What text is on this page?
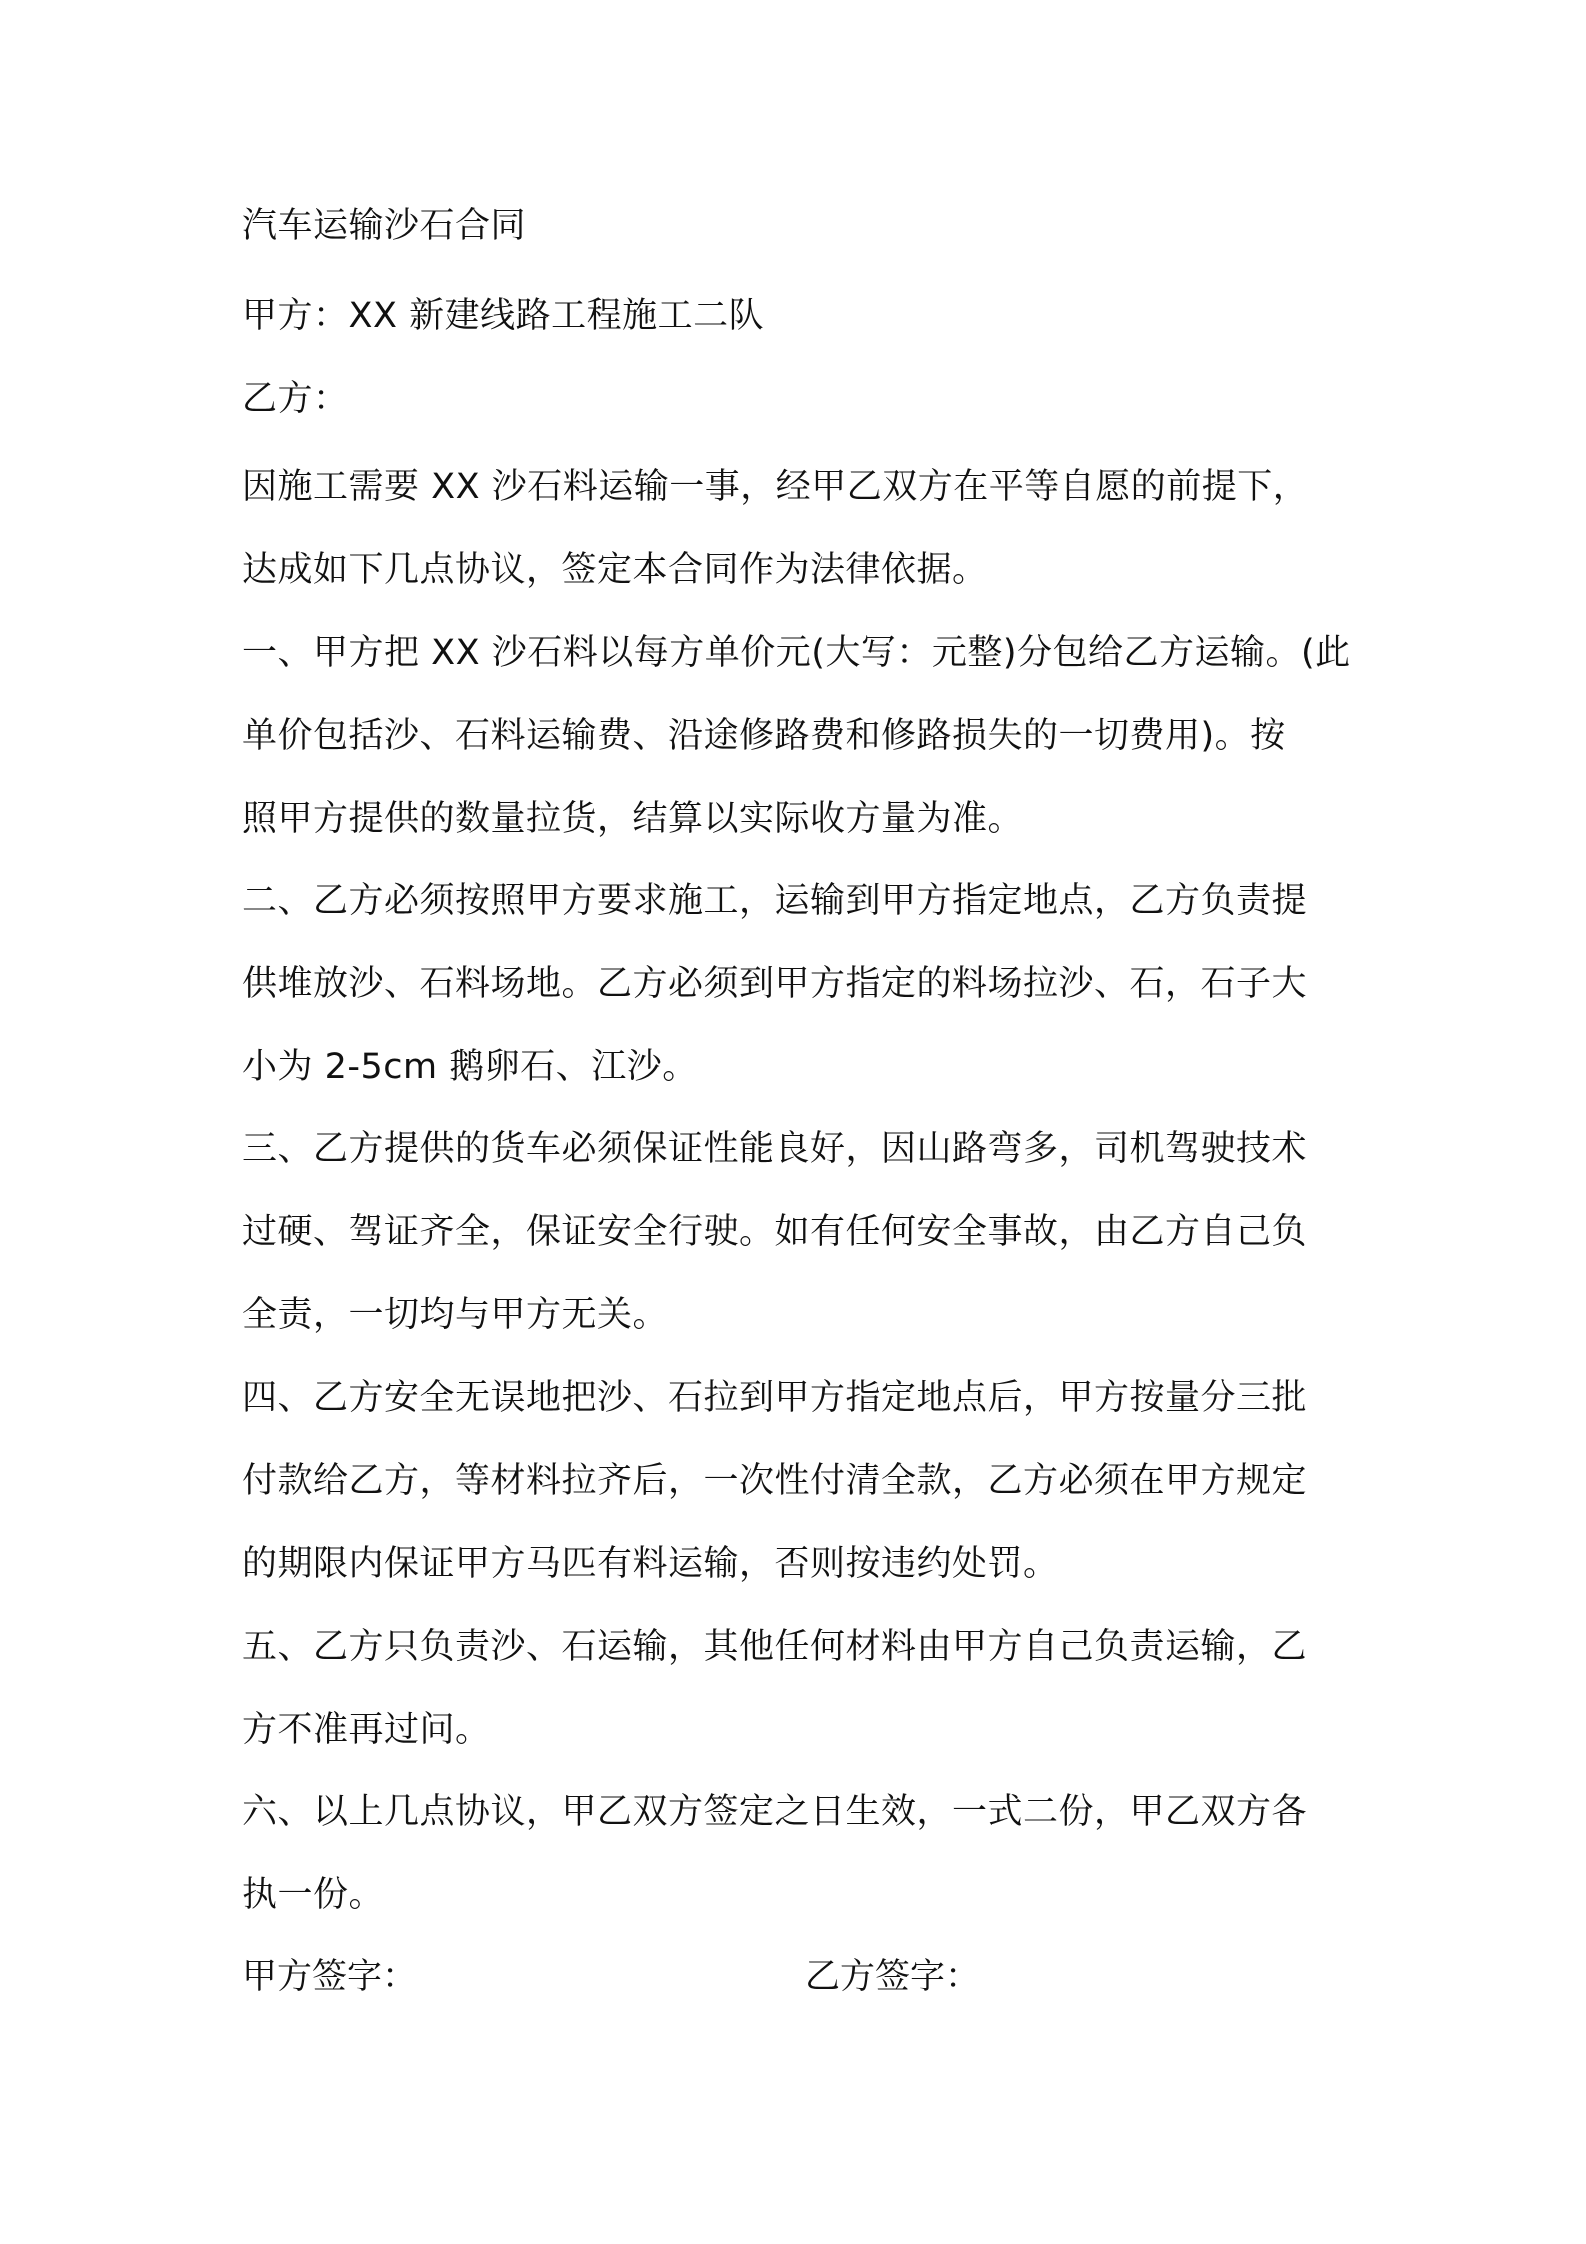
汽车运输沙石合同
甲方：XX 新建线路工程施工二队
乙方：
因施工需要 XX 沙石料运输一事，经甲乙双方在平等自愿的前提下，
达成如下几点协议，签定本合同作为法律依据。
一、甲方把 XX 沙石料以每方单价元(大写：元整)分包给乙方运输。(此
单价包括沙、石料运输费、沿途修路费和修路损失的一切费用)。按
照甲方提供的数量拉货，结算以实际收方量为准。
二、乙方必须按照甲方要求施工，运输到甲方指定地点，乙方负责提
供堆放沙、石料场地。乙方必须到甲方指定的料场拉沙、石，石子大
小为 2-5cm 鹅卵石、江沙。
三、乙方提供的货车必须保证性能良好，因山路弯多，司机驾驶技术
过硬、驾证齐全，保证安全行驶。如有任何安全事故，由乙方自己负
全责，一切均与甲方无关。
四、乙方安全无误地把沙、石拉到甲方指定地点后，甲方按量分三批
付款给乙方，等材料拉齐后，一次性付清全款，乙方必须在甲方规定
的期限内保证甲方马匹有料运输，否则按违约处罚。
五、乙方只负责沙、石运输，其他任何材料由甲方自己负责运输，乙
方不准再过问。
六、以上几点协议，甲乙双方签定之日生效，一式二份，甲乙双方各
执一份。
甲方签字：	乙方签字：
